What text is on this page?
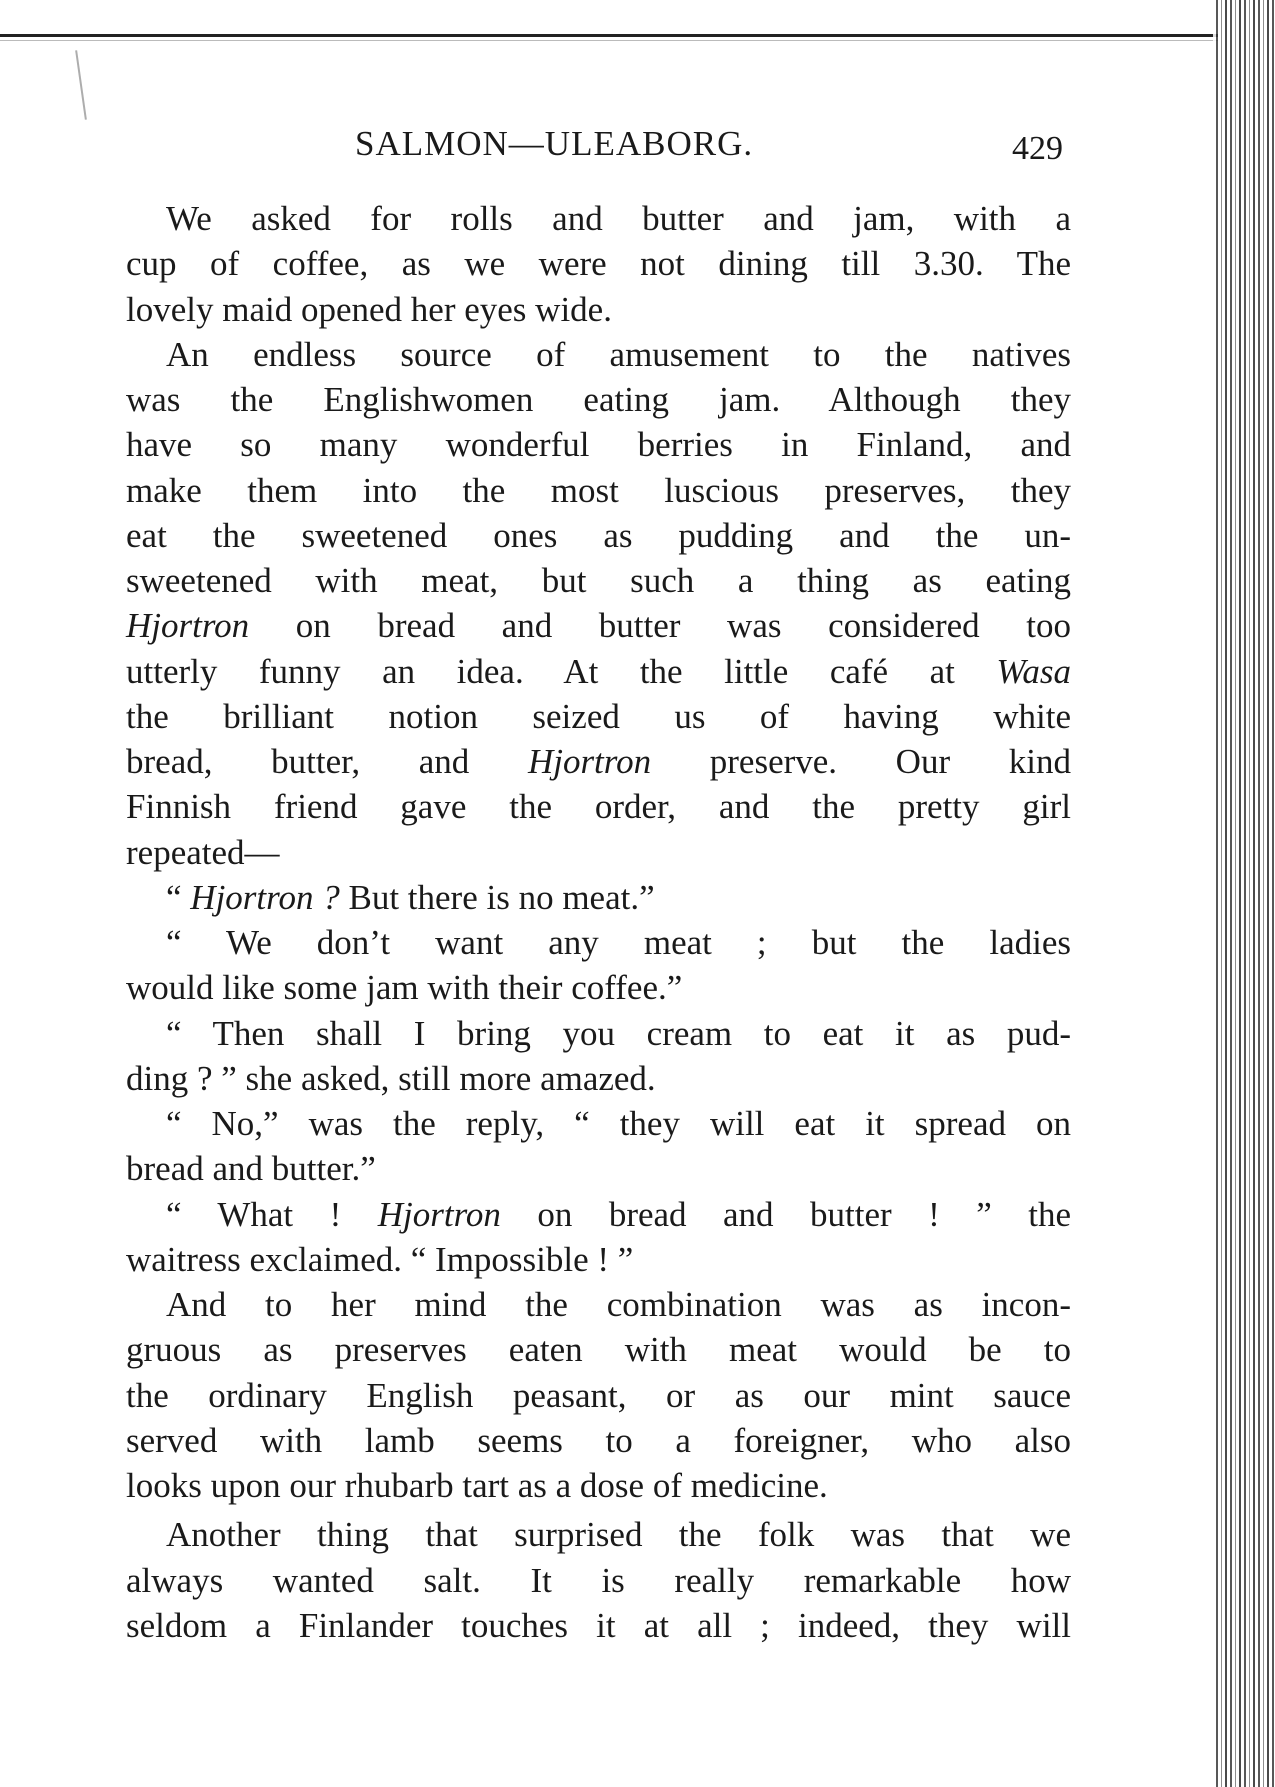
SALMON—ULEABORG.	429
We asked for rolls and butter and jam, with a
cup of coffee, as we were not dining till 3.30. The
lovely maid opened her eyes wide.
An endless source of amusement to the natives
was the Englishwomen eating jam. Although they
have so many wonderful berries in Finland, and
make them into the most luscious preserves, they
eat the sweetened ones as pudding and the un-
sweetened with meat, but such a thing as eating
Hjortron on bread and butter was considered too
utterly funny an idea. At the little café at Wasa
the brilliant notion seized us of having white
bread, butter, and Hjortron preserve. Our kind
Finnish friend gave the order, and the pretty girl
repeated—
“ Hjortron ? But there is no meat.”
“ We don’t want any meat ; but the ladies
would like some jam with their coffee.”
“ Then shall I bring you cream to eat it as pud-
ding ? ” she asked, still more amazed.
“ No,” was the reply, “ they will eat it spread on
bread and butter.”
“ What ! Hjortron on bread and butter ! ” the
waitress exclaimed. “ Impossible ! ”
And to her mind the combination was as incon-
gruous as preserves eaten with meat would be to
the ordinary English peasant, or as our mint sauce
served with lamb seems to a foreigner, who also
looks upon our rhubarb tart as a dose of medicine.
Another thing that surprised the folk was that we
always wanted salt. It is really remarkable how
seldom a Finlander touches it at all ; indeed, they will
